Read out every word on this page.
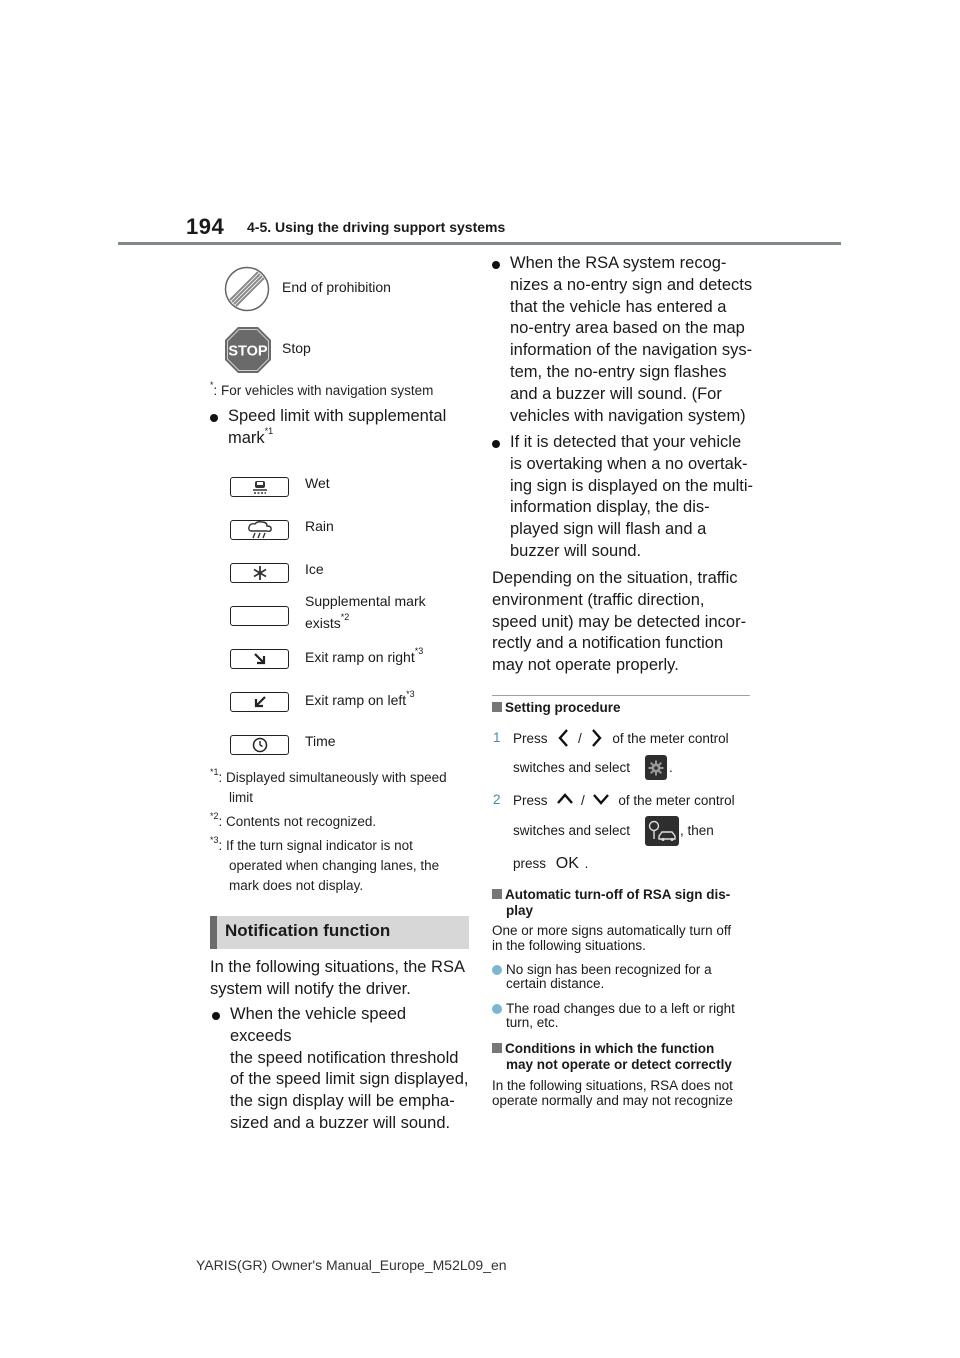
194 4-5. Using the driving support systems
End of prohibition
STOP Stop
*: For vehicles with navigation system
Speed limit with supplemental mark$^{*1}$
Wet
Rain
Ice
Supplemental mark
exists$^{*2}$
Exit ramp on right$^{*3}$
Exit ramp on left$^{*3}$
Time
$^{*1}$: Displayed simultaneously with speed
limit
$^{*2}$: Contents not recognized.
$^{*3}$: If the turn signal indicator is not
operated when changing lanes, the
mark does not display.
Notification function
In the following situations, the RSA
system will notify the driver.
When the vehicle speed exceeds
the speed notification threshold
of the speed limit sign displayed,
the sign display will be empha-
sized and a buzzer will sound.
When the RSA system recog-
nizes a no-entry sign and detects
that the vehicle has entered a
no-entry area based on the map
information of the navigation sys-
tem, the no-entry sign flashes
and a buzzer will sound. (For
vehicles with navigation system)
If it is detected that your vehicle
is overtaking when a no overtak-
ing sign is displayed on the multi-
information display, the dis-
played sign will flash and a
buzzer will sound.
Depending on the situation, traffic
environment (traffic direction,
speed unit) may be detected incor-
rectly and a notification function
may not operate properly.
Setting procedure
1 Press / of the meter control
switches and select	.
2 Press / of the meter control
switches and select	, then
press OK .
Automatic turn-off of RSA sign dis-
play
One or more signs automatically turn off
in the following situations.
No sign has been recognized for a
certain distance.
The road changes due to a left or right
turn, etc.
Conditions in which the function
may not operate or detect correctly
In the following situations, RSA does not
operate normally and may not recognize
YARIS(GR) Owner's Manual_Europe_M52L09_en
